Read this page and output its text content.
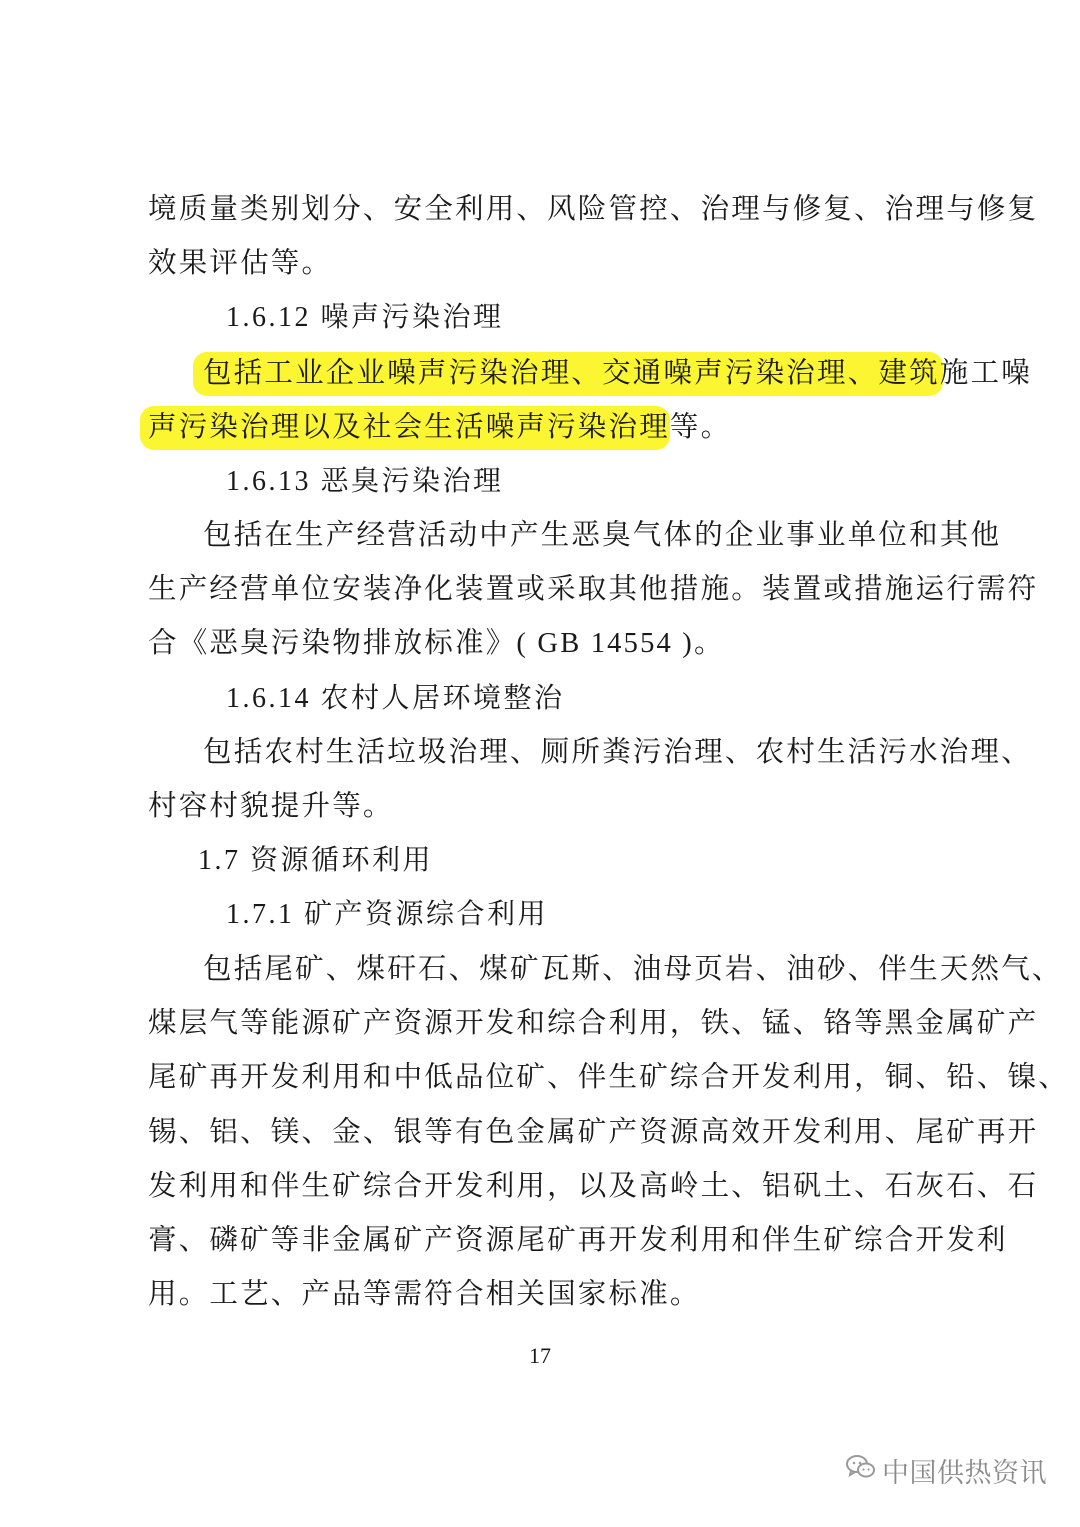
境质量类别划分、安全利用、风险管控、治理与修复、治理与修复
效果评估等。
1.6.12 噪声污染治理
包括工业企业噪声污染治理、交通噪声污染治理、建筑施工噪
声污染治理以及社会生活噪声污染治理等。
1.6.13 恶臭污染治理
包括在生产经营活动中产生恶臭气体的企业事业单位和其他
生产经营单位安装净化装置或采取其他措施。装置或措施运行需符
合《恶臭污染物排放标准》( GB 14554 )。
1.6.14 农村人居环境整治
包括农村生活垃圾治理、厕所粪污治理、农村生活污水治理、
村容村貌提升等。
1.7 资源循环利用
1.7.1 矿产资源综合利用
包括尾矿、煤矸石、煤矿瓦斯、油母页岩、油砂、伴生天然气、
煤层气等能源矿产资源开发和综合利用，铁、锰、铬等黑金属矿产
尾矿再开发利用和中低品位矿、伴生矿综合开发利用，铜、铅、镍、
锡、铝、镁、金、银等有色金属矿产资源高效开发利用、尾矿再开
发利用和伴生矿综合开发利用，以及高岭土、铝矾土、石灰石、石
膏、磷矿等非金属矿产资源尾矿再开发利用和伴生矿综合开发利
用。工艺、产品等需符合相关国家标准。
17
中国供热资讯
